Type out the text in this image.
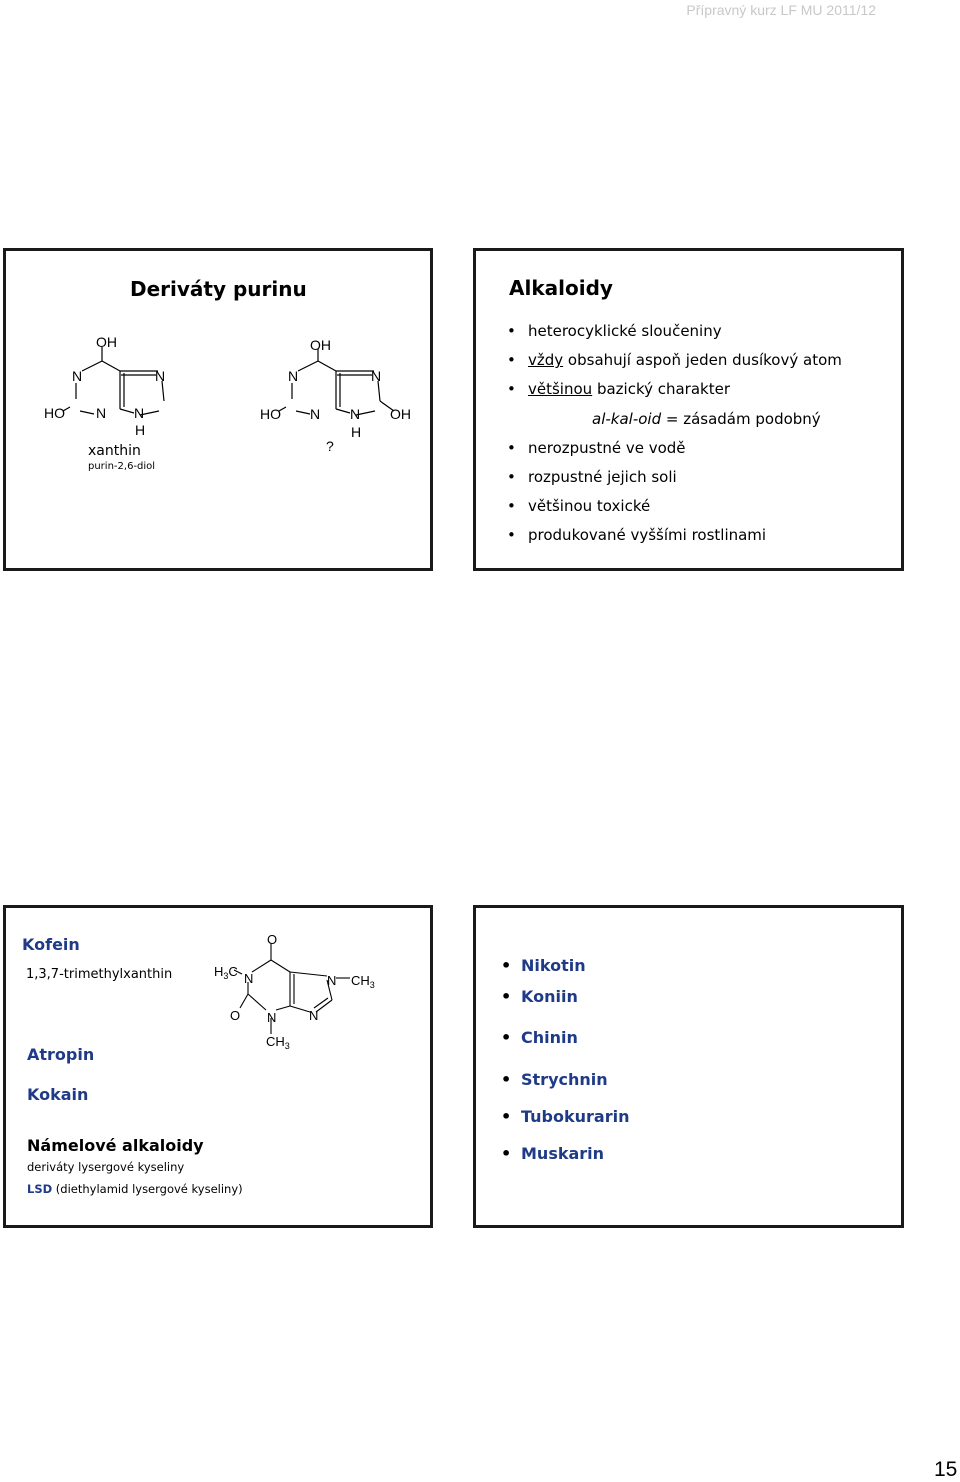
Přípravný kurz LF MU 2011/12
Deriváty purinu
OH
N	N
HO N N
H
xanthin
purin-2,6-diol
OH
N	N
HO N N OH
H
?
Alkaloidy
• heterocyklické sloučeniny
• vždy obsahují aspoň jeden dusíkový atom
• většinou bazický charakter
al-kal-oid = zásadám podobný
• nerozpustné ve vodě
• rozpustné jejich soli
• většinou toxické
• produkované vyššími rostlinami
Kofein
1,3,7-trimethylxanthin
O
$H_3C$ N	N $CH_3$
O N	N
$CH_3$
Atropin
Kokain
Námelové alkaloidy
deriváty lysergové kyseliny
LSD (diethylamid lysergové kyseliny)
• Nikotin
• Koniin
• Chinin
• Strychnin
• Tubokurarin
• Muskarin
15
